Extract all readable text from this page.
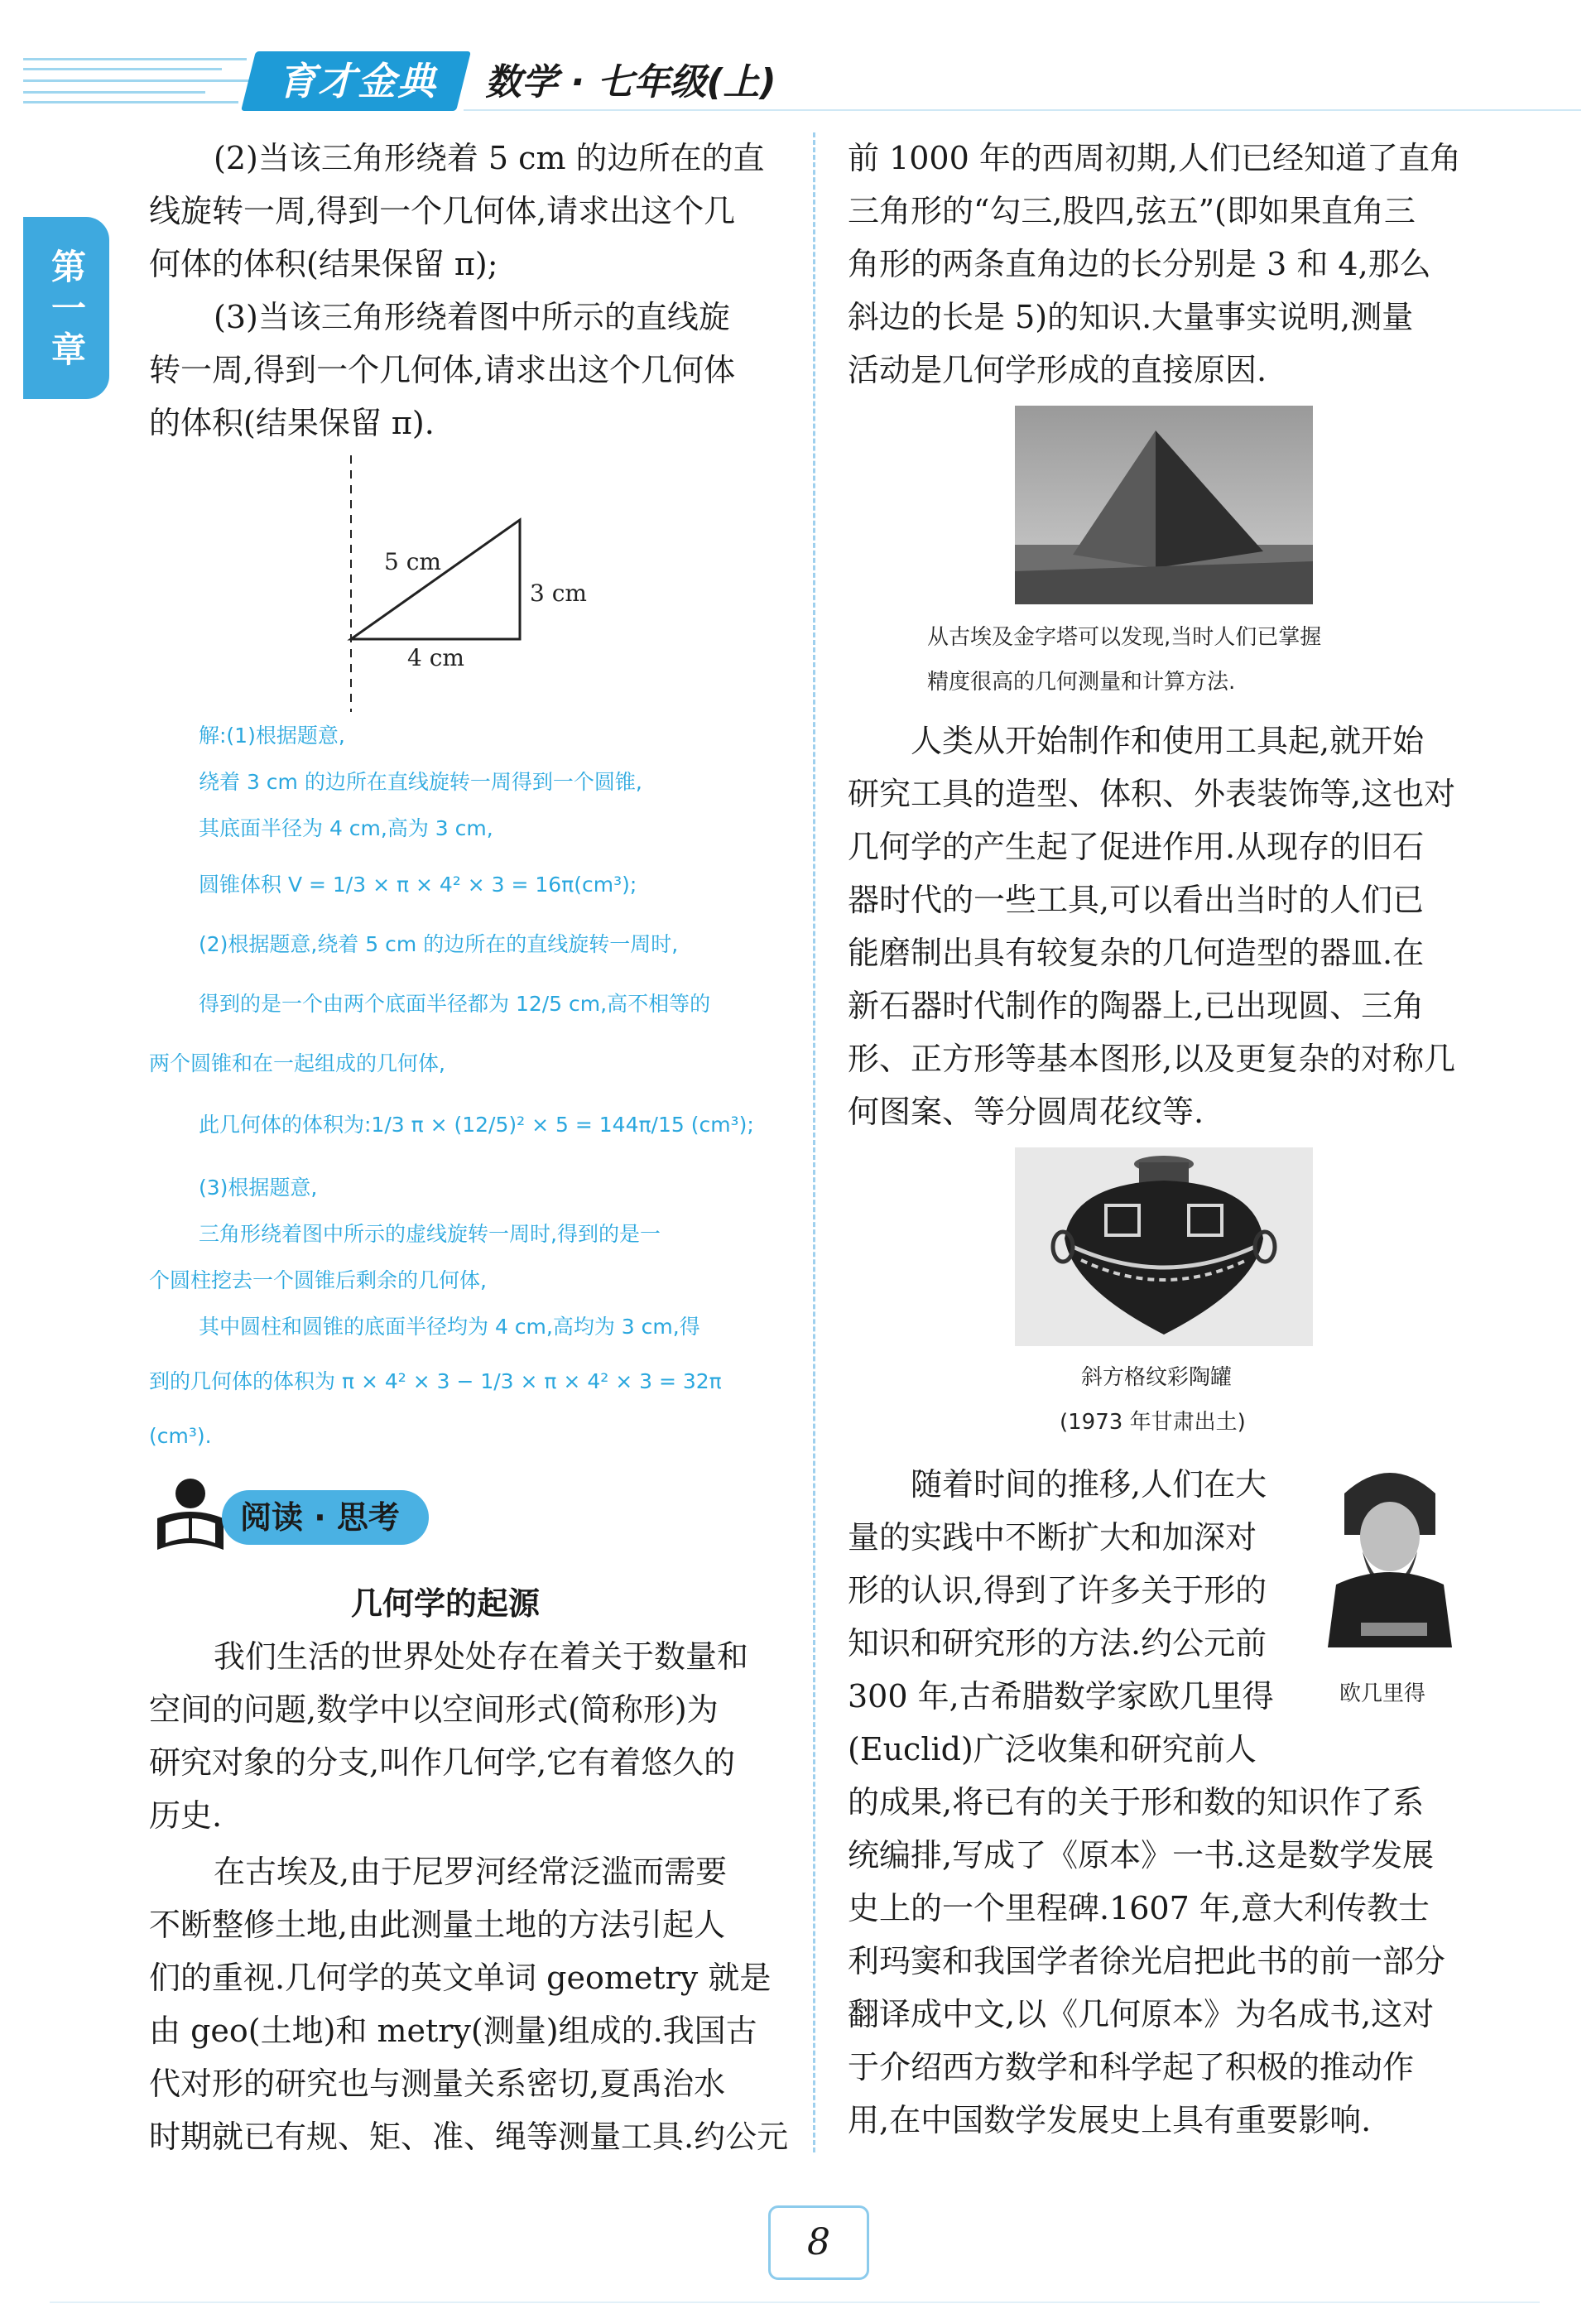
育才金典	数学 · 七年级(上)
第一章
(2)当该三角形绕着 5 cm 的边所在的直
线旋转一周,得到一个几何体,请求出这个几
何体的体积(结果保留 π);
(3)当该三角形绕着图中所示的直线旋
转一周,得到一个几何体,请求出这个几何体
的体积(结果保留 π).
5 cm
3 cm
4 cm
解:(1)根据题意,
绕着 3 cm 的边所在直线旋转一周得到一个圆锥,
其底面半径为 4 cm,高为 3 cm,
圆锥体积 V = 1/3 × π × 4² × 3 = 16π(cm³);
(2)根据题意,绕着 5 cm 的边所在的直线旋转一周时,
得到的是一个由两个底面半径都为 12/5 cm,高不相等的
两个圆锥和在一起组成的几何体,
此几何体的体积为:1/3 π × (12/5)² × 5 = 144π/15 (cm³);
(3)根据题意,
三角形绕着图中所示的虚线旋转一周时,得到的是一
个圆柱挖去一个圆锥后剩余的几何体,
其中圆柱和圆锥的底面半径均为 4 cm,高均为 3 cm,得
到的几何体的体积为 π × 4² × 3 − 1/3 × π × 4² × 3 = 32π
(cm³).
阅读 · 思考
几何学的起源
我们生活的世界处处存在着关于数量和
空间的问题,数学中以空间形式(简称形)为
研究对象的分支,叫作几何学,它有着悠久的
历史.
在古埃及,由于尼罗河经常泛滥而需要
不断整修土地,由此测量土地的方法引起人
们的重视.几何学的英文单词 geometry 就是
由 geo(土地)和 metry(测量)组成的.我国古
代对形的研究也与测量关系密切,夏禹治水
时期就已有规、矩、准、绳等测量工具.约公元
前 1000 年的西周初期,人们已经知道了直角
三角形的“勾三,股四,弦五”(即如果直角三
角形的两条直角边的长分别是 3 和 4,那么
斜边的长是 5)的知识.大量事实说明,测量
活动是几何学形成的直接原因.
从古埃及金字塔可以发现,当时人们已掌握
精度很高的几何测量和计算方法.
人类从开始制作和使用工具起,就开始
研究工具的造型、体积、外表装饰等,这也对
几何学的产生起了促进作用.从现存的旧石
器时代的一些工具,可以看出当时的人们已
能磨制出具有较复杂的几何造型的器皿.在
新石器时代制作的陶器上,已出现圆、三角
形、正方形等基本图形,以及更复杂的对称几
何图案、等分圆周花纹等.
斜方格纹彩陶罐
(1973 年甘肃出土)
随着时间的推移,人们在大
量的实践中不断扩大和加深对
形的认识,得到了许多关于形的
知识和研究形的方法.约公元前
300 年,古希腊数学家欧几里得
(Euclid)广泛收集和研究前人
欧几里得
的成果,将已有的关于形和数的知识作了系
统编排,写成了《原本》一书.这是数学发展
史上的一个里程碑.1607 年,意大利传教士
利玛窦和我国学者徐光启把此书的前一部分
翻译成中文,以《几何原本》为名成书,这对
于介绍西方数学和科学起了积极的推动作
用,在中国数学发展史上具有重要影响.
8
